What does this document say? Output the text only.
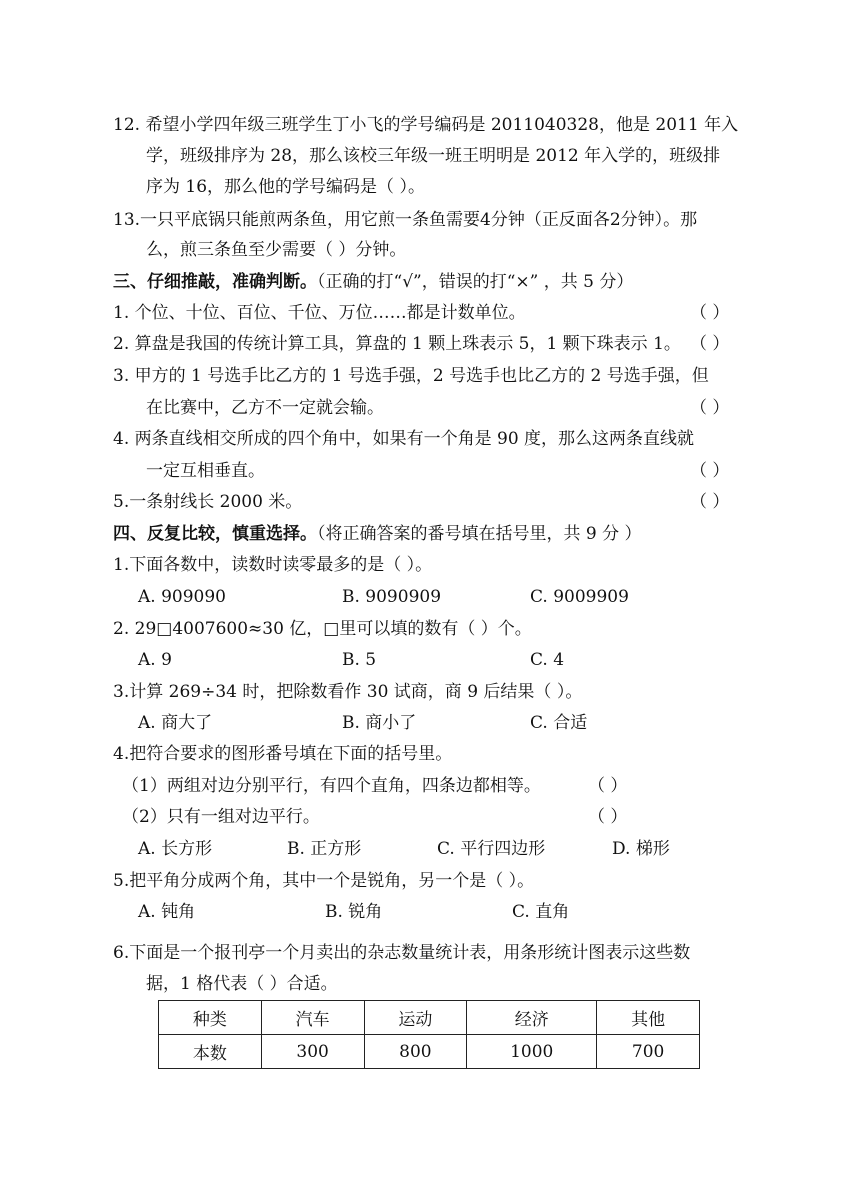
12. 希望小学四年级三班学生丁小飞的学号编码是 2011040328，他是 2011 年入
学，班级排序为 28，那么该校三年级一班王明明是 2012 年入学的，班级排
序为 16，那么他的学号编码是（ ）。
13.一只平底锅只能煎两条鱼，用它煎一条鱼需要4分钟（正反面各2分钟）。那
么，煎三条鱼至少需要（ ）分钟。
三、仔细推敲，准确判断。（正确的打“√”，错误的打“×” ，共 5 分）
1. 个位、十位、百位、千位、万位……都是计数单位。	（ ）
2. 算盘是我国的传统计算工具，算盘的 1 颗上珠表示 5，1 颗下珠表示 1。 （ ）
3. 甲方的 1 号选手比乙方的 1 号选手强，2 号选手也比乙方的 2 号选手强，但
在比赛中，乙方不一定就会输。	（ ）
4. 两条直线相交所成的四个角中，如果有一个角是 90 度，那么这两条直线就
一定互相垂直。	（ ）
5.一条射线长 2000 米。	（ ）
四、反复比较，慎重选择。（将正确答案的番号填在括号里，共 9 分 ）
1.下面各数中，读数时读零最多的是（ ）。
A. 909090	B. 9090909	C. 9009909
2. 29□4007600≈30 亿，□里可以填的数有（ ）个。
A. 9	B. 5	C. 4
3.计算 269÷34 时，把除数看作 30 试商，商 9 后结果（ ）。
A. 商大了	B. 商小了	C. 合适
4.把符合要求的图形番号填在下面的括号里。
（1）两组对边分别平行，有四个直角，四条边都相等。	（ ）
（2）只有一组对边平行。	（ ）
A. 长方形	B. 正方形	C. 平行四边形	D. 梯形
5.把平角分成两个角，其中一个是锐角，另一个是（ ）。
A. 钝角	B. 锐角	C. 直角
6.下面是一个报刊亭一个月卖出的杂志数量统计表，用条形统计图表示这些数
据，1 格代表（ ）合适。
种类	汽车	运动	经济	其他
本数	300	800	1000	700
